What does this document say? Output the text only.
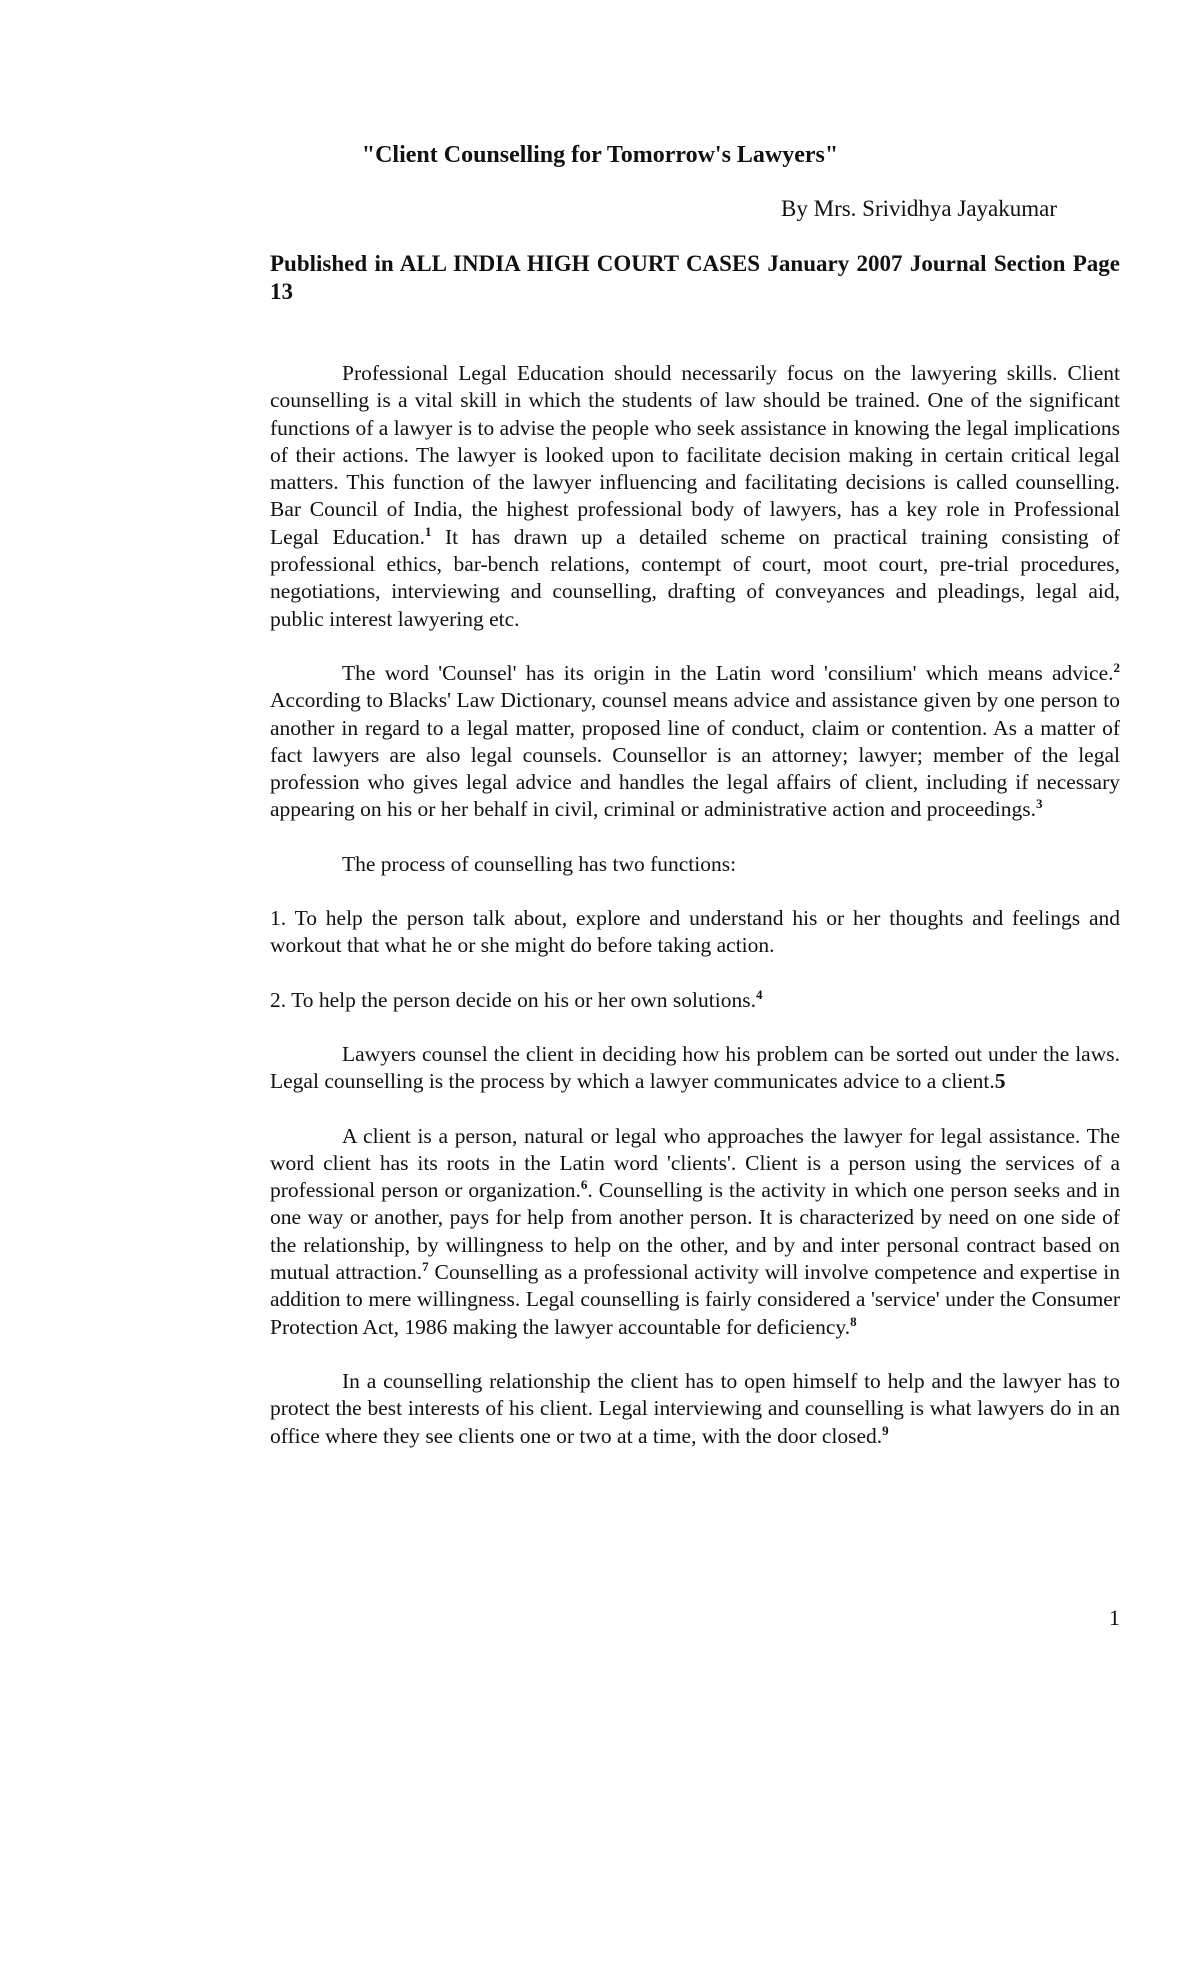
"Client Counselling for Tomorrow's Lawyers"
By Mrs. Srividhya Jayakumar
Published in ALL INDIA HIGH COURT CASES January 2007 Journal Section Page 13

Professional Legal Education should necessarily focus on the lawyering skills. Client counselling is a vital skill in which the students of law should be trained. One of the significant functions of a lawyer is to advise the people who seek assistance in knowing the legal implications of their actions. The lawyer is looked upon to facilitate decision making in certain critical legal matters. This function of the lawyer influencing and facilitating decisions is called counselling. Bar Council of India, the highest professional body of lawyers, has a key role in Professional Legal Education.$^1$ It has drawn up a detailed scheme on practical training consisting of professional ethics, bar-bench relations, contempt of court, moot court, pre-trial procedures, negotiations, interviewing and counselling, drafting of conveyances and pleadings, legal aid, public interest lawyering etc.

The word 'Counsel' has its origin in the Latin word 'consilium' which means advice.$^2$ According to Blacks' Law Dictionary, counsel means advice and assistance given by one person to another in regard to a legal matter, proposed line of conduct, claim or contention. As a matter of fact lawyers are also legal counsels. Counsellor is an attorney; lawyer; member of the legal profession who gives legal advice and handles the legal affairs of client, including if necessary appearing on his or her behalf in civil, criminal or administrative action and proceedings.$^3$

The process of counselling has two functions:

1. To help the person talk about, explore and understand his or her thoughts and feelings and workout that what he or she might do before taking action.

2. To help the person decide on his or her own solutions.$^4$

Lawyers counsel the client in deciding how his problem can be sorted out under the laws. Legal counselling is the process by which a lawyer communicates advice to a client.5

A client is a person, natural or legal who approaches the lawyer for legal assistance. The word client has its roots in the Latin word 'clients'. Client is a person using the services of a professional person or organization.$^6$. Counselling is the activity in which one person seeks and in one way or another, pays for help from another person. It is characterized by need on one side of the relationship, by willingness to help on the other, and by and inter personal contract based on mutual attraction.$^7$ Counselling as a professional activity will involve competence and expertise in addition to mere willingness. Legal counselling is fairly considered a 'service' under the Consumer Protection Act, 1986 making the lawyer accountable for deficiency.$^8$

In a counselling relationship the client has to open himself to help and the lawyer has to protect the best interests of his client. Legal interviewing and counselling is what lawyers do in an office where they see clients one or two at a time, with the door closed.$^9$

1
